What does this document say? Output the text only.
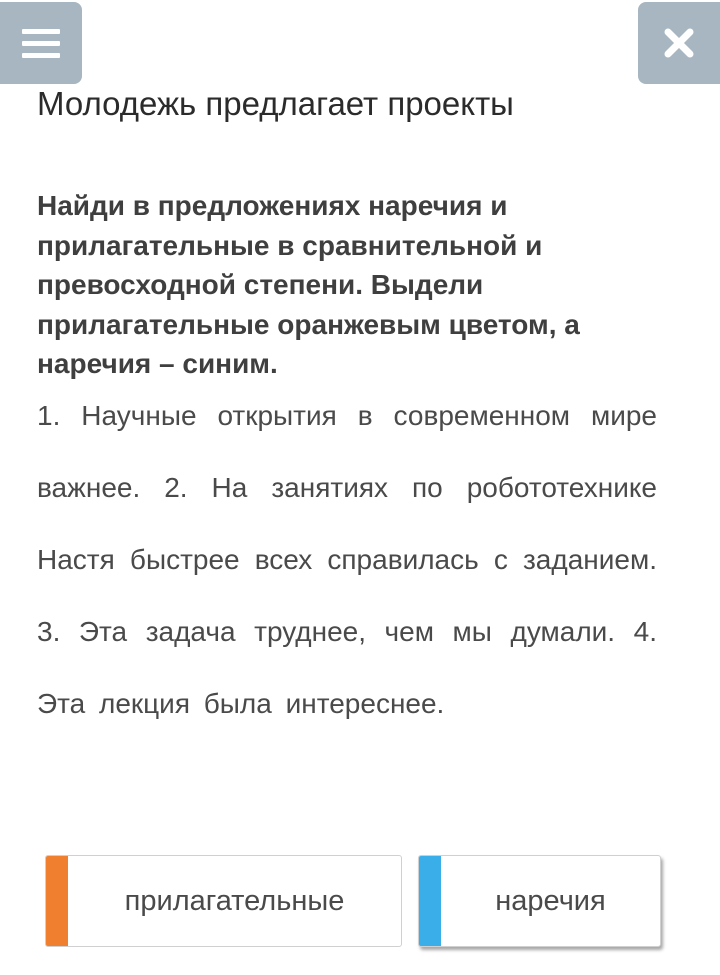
Молодежь предлагает проекты
Найди в предложениях наречия и прилагательные в сравнительной и превосходной степени. Выдели прилагательные оранжевым цветом, а наречия – синим.
1. Научные открытия в современном мире важнее. 2. На занятиях по робототехнике Настя быстрее всех справилась с заданием. 3. Эта задача труднее, чем мы думали. 4. Эта лекция была интереснее.
прилагательные	наречия
